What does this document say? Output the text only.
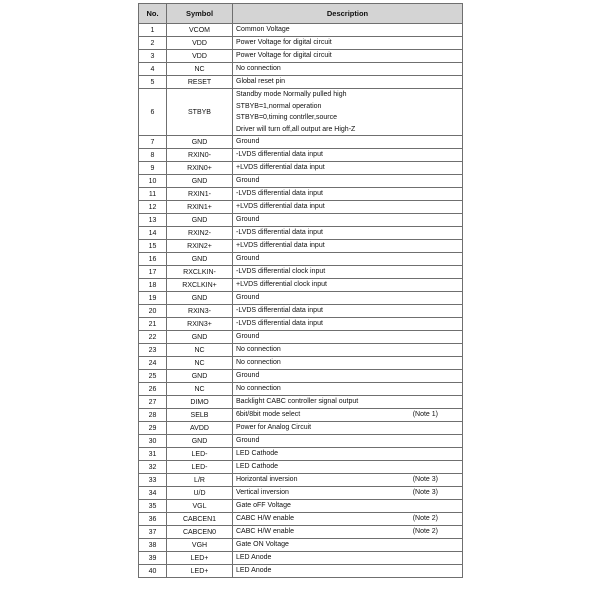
No.	Symbol	Description
1	VCOM	Common Voltage

2	VDD	Power Voltage for digital circuit

3	VDD	Power Voltage for digital circuit

4	NC	No connection

5	RESET	Global reset pin

6	STBYB	Standby mode Normally pulled high
STBYB=1,normal operation
STBYB=0,timing contrller,source
Driver will turn off,all output are High-Z

7	GND	Ground

8	RXIN0-	-LVDS differential data input

9	RXIN0+	+LVDS differential data input

10	GND	Ground

11	RXIN1-	-LVDS differential data input

12	RXIN1+	+LVDS differential data input

13	GND	Ground

14	RXIN2-	-LVDS differential data input

15	RXIN2+	+LVDS differential data input

16	GND	Ground

17	RXCLKIN-	-LVDS differential clock input

18	RXCLKIN+	+LVDS differential clock input

19	GND	Ground

20	RXIN3-	-LVDS differential data input

21	RXIN3+	-LVDS differential data input

22	GND	Ground

23	NC	No connection

24	NC	No connection

25	GND	Ground

26	NC	No connection

27	DIMO	Backlight CABC controller signal output

28	SELB	6bit/8bit mode select (Note 1)

29	AVDD	Power for Analog Circuit

30	GND	Ground

31	LED-	LED Cathode

32	LED-	LED Cathode

33	L/R	Horizontal inversion (Note 3)

34	U/D	Vertical inversion (Note 3)

35	VGL	Gate oFF Voltage

36	CABCEN1	CABC H/W enable (Note 2)

37	CABCEN0	CABC H/W enable (Note 2)

38	VGH	Gate ON Voltage

39	LED+	LED Anode

40	LED+	LED Anode
